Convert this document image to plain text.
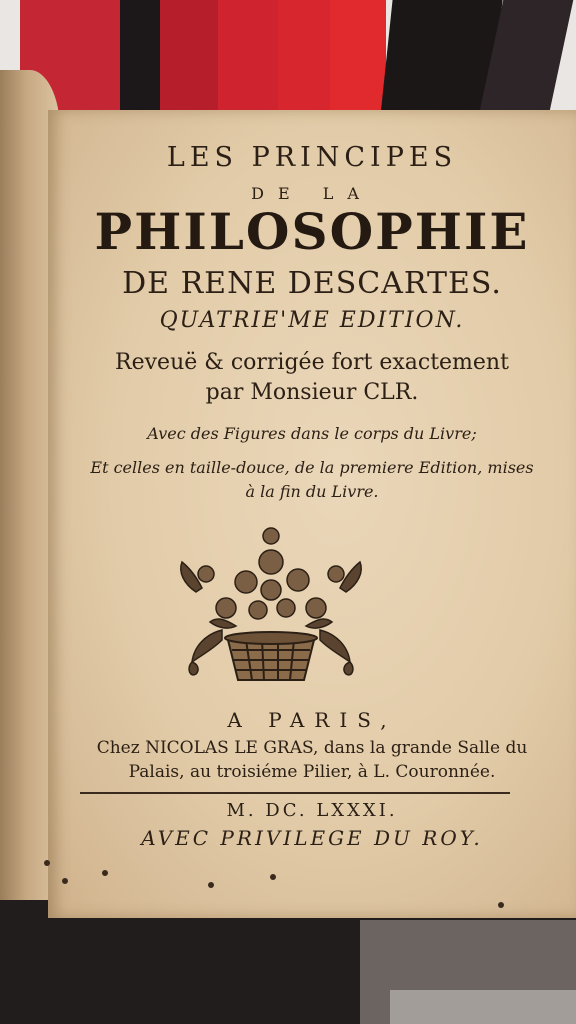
LES PRINCIPES
DE LA
PHILOSOPHIE
DE RENE DESCARTES.
QUATRIE'ME EDITION.
Reveuë & corrigée fort exactement
par Monsieur CLR.
Avec des Figures dans le corps du Livre;
Et celles en taille-douce, de la premiere Edition, mises
à la fin du Livre.
A PARIS,
Chez NICOLAS LE GRAS, dans la grande Salle du
Palais, au troisiéme Pilier, à L. Couronnée.
M. DC. LXXXI.
AVEC PRIVILEGE DU ROY.
